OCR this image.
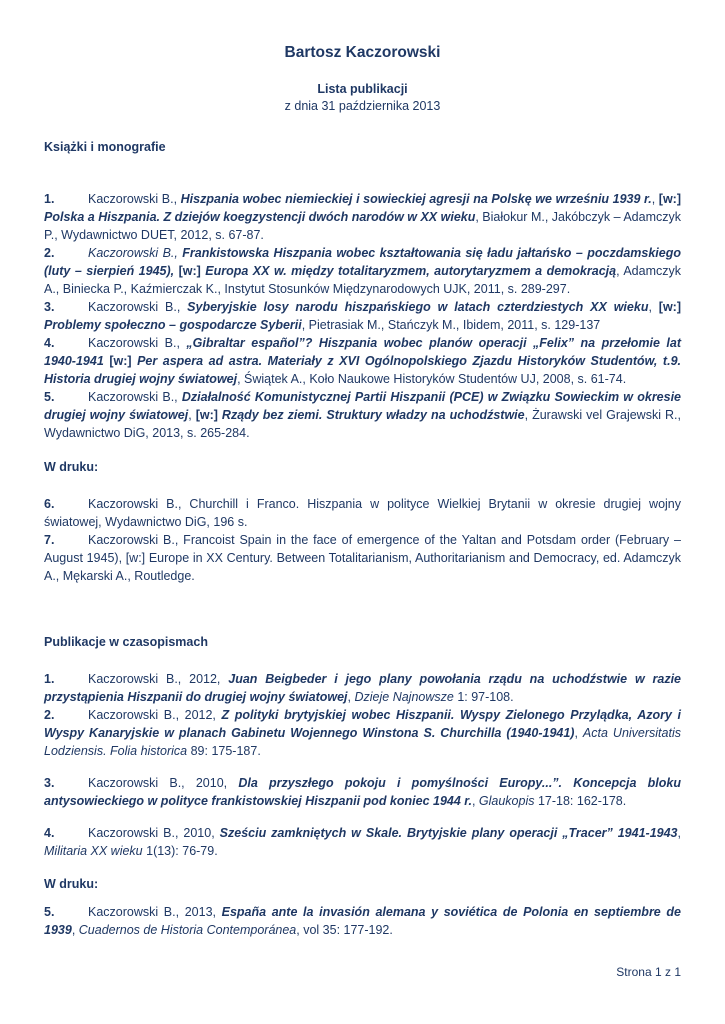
Bartosz Kaczorowski
Lista publikacji
z dnia 31 października 2013
Książki i monografie

1.	Kaczorowski B., Hiszpania wobec niemieckiej i sowieckiej agresji na Polskę we wrześniu 1939 r., [w:] Polska a Hiszpania. Z dziejów koegzystencji dwóch narodów w XX wieku, Białokur M., Jakóbczyk – Adamczyk P., Wydawnictwo DUET, 2012, s. 67-87.

2.	Kaczorowski B., Frankistowska Hiszpania wobec kształtowania się ładu jałtańsko – poczdamskiego (luty – sierpień 1945), [w:] Europa XX w. między totalitaryzmem, autorytaryzmem a demokracją, Adamczyk A., Biniecka P., Kaźmierczak K., Instytut Stosunków Międzynarodowych UJK, 2011, s. 289-297.

3.	Kaczorowski B., Syberyjskie losy narodu hiszpańskiego w latach czterdziestych XX wieku, [w:] Problemy społeczno – gospodarcze Syberii, Pietrasiak M., Stańczyk M., Ibidem, 2011, s. 129-137

4.	Kaczorowski B., „Gibraltar español”? Hiszpania wobec planów operacji „Felix” na przełomie lat 1940-1941 [w:] Per aspera ad astra. Materiały z XVI Ogólnopolskiego Zjazdu Historyków Studentów, t.9. Historia drugiej wojny światowej, Świątek A., Koło Naukowe Historyków Studentów UJ, 2008, s. 61-74.

5.	Kaczorowski B., Działalność Komunistycznej Partii Hiszpanii (PCE) w Związku Sowieckim w okresie drugiej wojny światowej, [w:] Rządy bez ziemi. Struktury władzy na uchodźstwie, Żurawski vel Grajewski R., Wydawnictwo DiG, 2013, s. 265-284.

W druku:

6.	Kaczorowski B., Churchill i Franco. Hiszpania w polityce Wielkiej Brytanii w okresie drugiej wojny światowej, Wydawnictwo DiG, 196 s.

7.	Kaczorowski B., Francoist Spain in the face of emergence of the Yaltan and Potsdam order (February – August 1945), [w:] Europe in XX Century. Between Totalitarianism, Authoritarianism and Democracy, ed. Adamczyk A., Mękarski A., Routledge.

Publikacje w czasopismach

1.	Kaczorowski B., 2012, Juan Beigbeder i jego plany powołania rządu na uchodźstwie w razie przystąpienia Hiszpanii do drugiej wojny światowej, Dzieje Najnowsze 1: 97-108.

2.	Kaczorowski B., 2012, Z polityki brytyjskiej wobec Hiszpanii. Wyspy Zielonego Przylądka, Azory i Wyspy Kanaryjskie w planach Gabinetu Wojennego Winstona S. Churchilla (1940-1941), Acta Universitatis Lodziensis. Folia historica 89: 175-187.

3.	Kaczorowski B., 2010, Dla przyszłego pokoju i pomyślności Europy...”. Koncepcja bloku antysowieckiego w polityce frankistowskiej Hiszpanii pod koniec 1944 r., Glaukopis 17-18: 162-178.

4.	Kaczorowski B., 2010, Sześciu zamkniętych w Skale. Brytyjskie plany operacji „Tracer” 1941-1943, Militaria XX wieku 1(13): 76-79.

W druku:

5.	Kaczorowski B., 2013, España ante la invasión alemana y soviética de Polonia en septiembre de 1939, Cuadernos de Historia Contemporánea, vol 35: 177-192.

Strona 1 z 1
